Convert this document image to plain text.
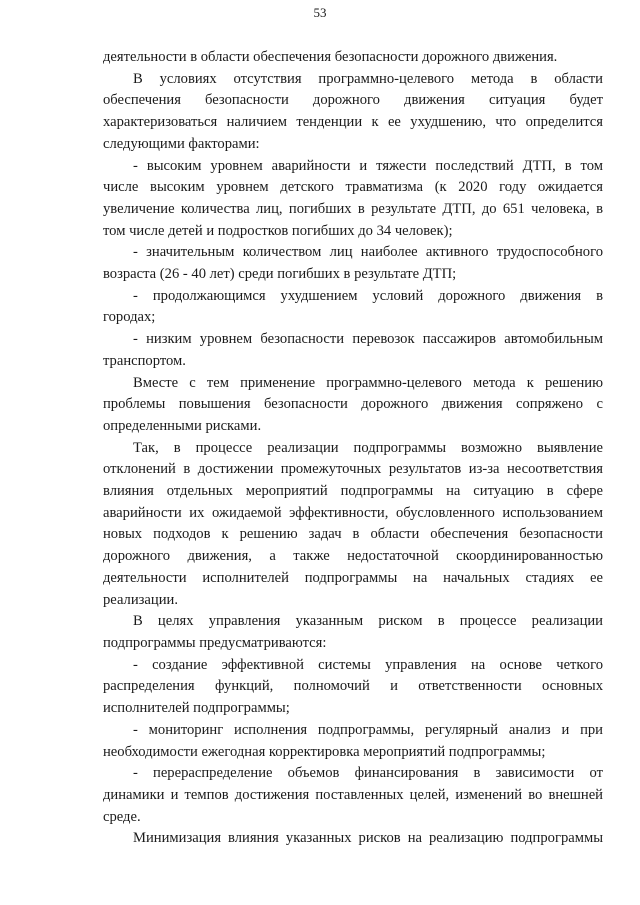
53

деятельности в области обеспечения безопасности дорожного движения.

В условиях отсутствия программно-целевого метода в области

обеспечения безопасности дорожного движения ситуация будет

характеризоваться наличием тенденции к ее ухудшению, что определится

следующими факторами:

- высоким уровнем аварийности и тяжести последствий ДТП, в том

числе высоким уровнем детского травматизма (к 2020 году ожидается

увеличение количества лиц, погибших в результате ДТП, до 651 человека, в

том числе детей и подростков погибших до 34 человек);

- значительным количеством лиц наиболее активного трудоспособного

возраста (26 - 40 лет) среди погибших в результате ДТП;

- продолжающимся ухудшением условий дорожного движения в

городах;

- низким уровнем безопасности перевозок пассажиров автомобильным

транспортом.

Вместе с тем применение программно-целевого метода к решению

проблемы повышения безопасности дорожного движения сопряжено с

определенными рисками.

Так, в процессе реализации подпрограммы возможно выявление

отклонений в достижении промежуточных результатов из-за несоответствия

влияния отдельных мероприятий подпрограммы на ситуацию в сфере

аварийности их ожидаемой эффективности, обусловленного использованием

новых подходов к решению задач в области обеспечения безопасности

дорожного движения, а также недостаточной скоординированностью

деятельности исполнителей подпрограммы на начальных стадиях ее

реализации.

В целях управления указанным риском в процессе реализации

подпрограммы предусматриваются:

- создание эффективной системы управления на основе четкого

распределения функций, полномочий и ответственности основных

исполнителей подпрограммы;

- мониторинг исполнения подпрограммы, регулярный анализ и при

необходимости ежегодная корректировка мероприятий подпрограммы;

- перераспределение объемов финансирования в зависимости от

динамики и темпов достижения поставленных целей, изменений во внешней

среде.

Минимизация влияния указанных рисков на реализацию подпрограммы
